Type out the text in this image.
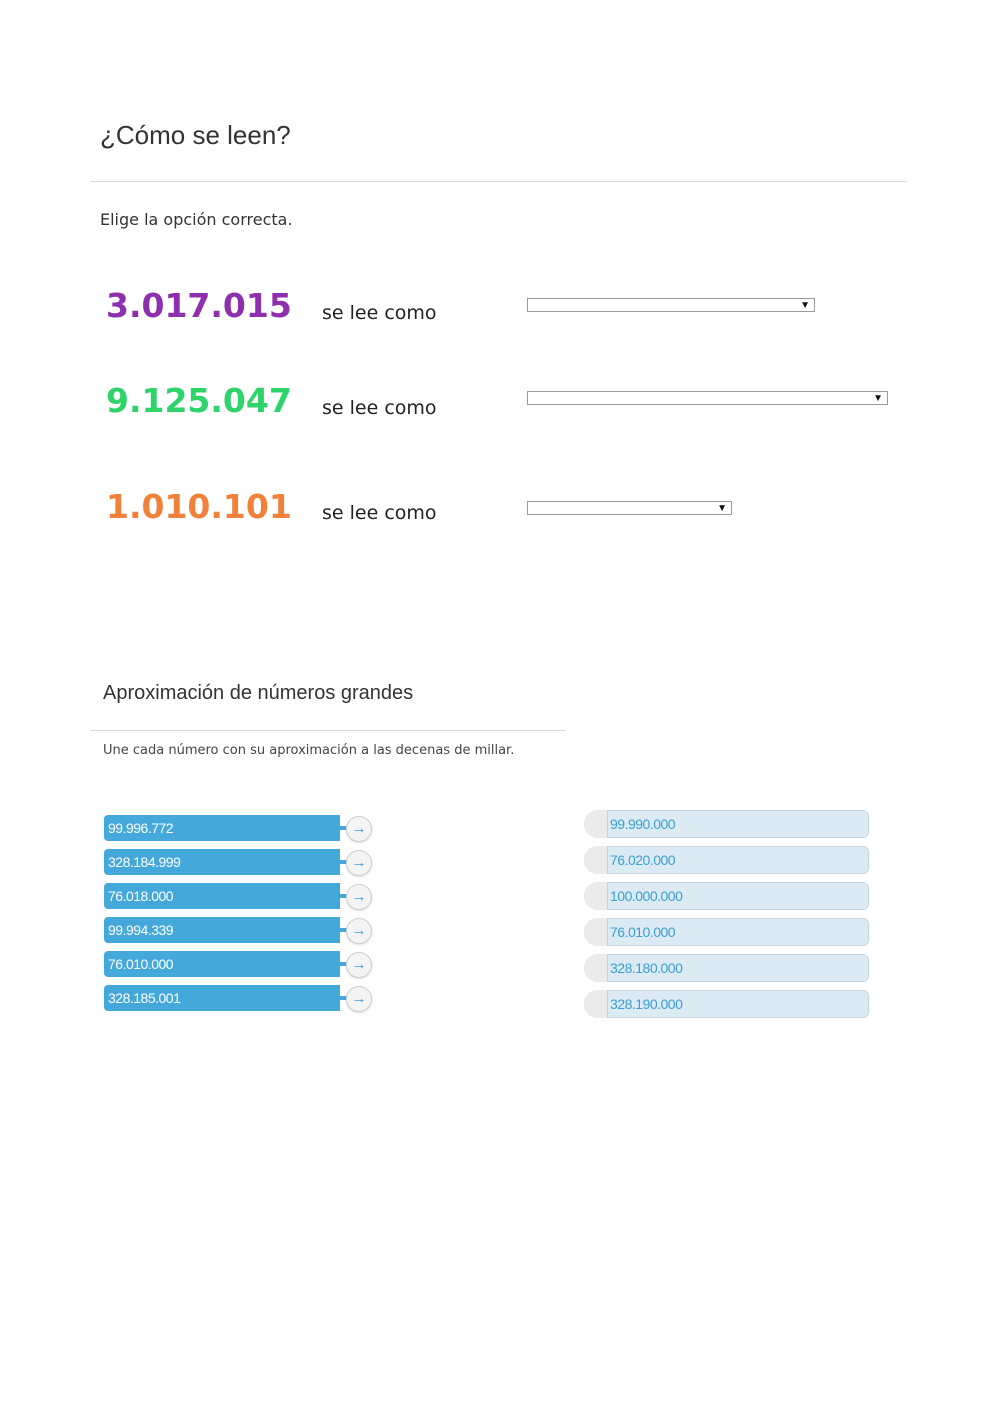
¿Cómo se leen?
Elige la opción correcta.
3.017.015 se lee como	▼
9.125.047 se lee como	▼
1.010.101 se lee como	▼
Aproximación de números grandes
Une cada número con su aproximación a las decenas de millar.
99.996.772
328.184.999
76.018.000
99.994.339
76.010.000
328.185.001
→
→
→
→
→
→
99.990.000
76.020.000
100.000.000
76.010.000
328.180.000
328.190.000
